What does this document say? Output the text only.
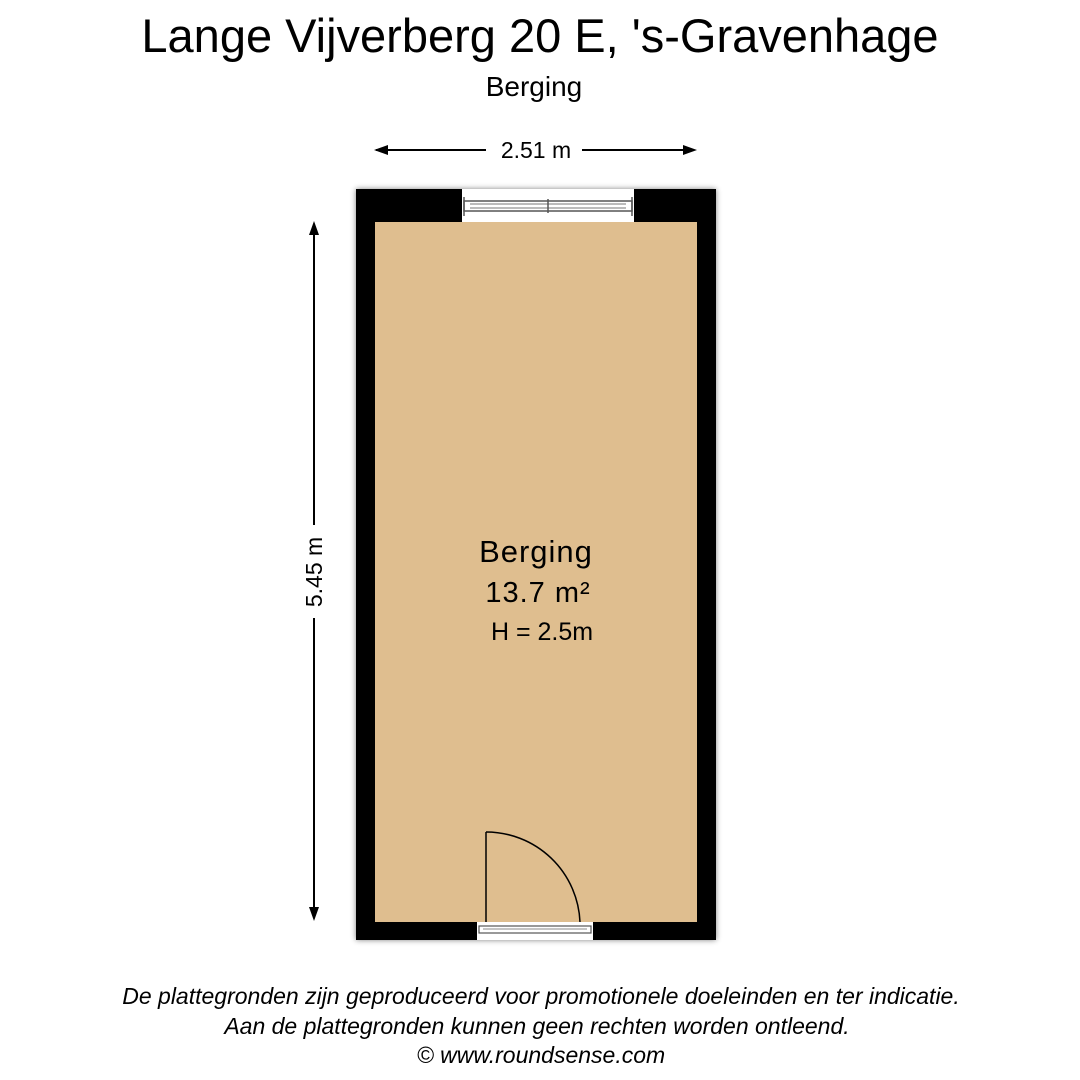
Lange Vijverberg 20 E, 's-Gravenhage
Berging
2.51 m
5.45 m	Berging
13.7 m²
H = 2.5m
De plattegronden zijn geproduceerd voor promotionele doeleinden en ter indicatie.
Aan de plattegronden kunnen geen rechten worden ontleend.
© www.roundsense.com
